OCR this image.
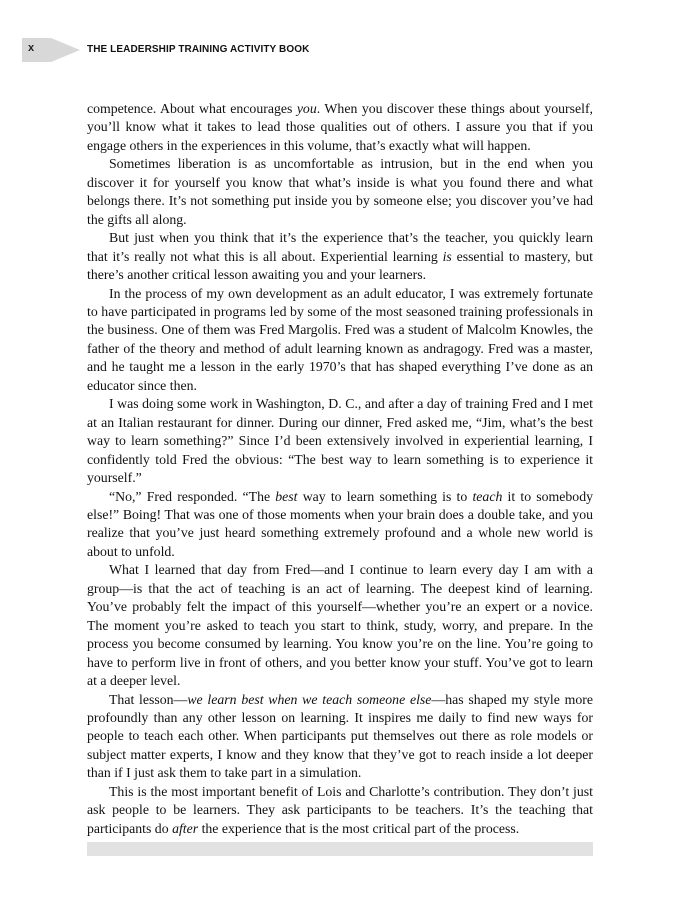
x	THE LEADERSHIP TRAINING ACTIVITY BOOK

competence. About what encourages you. When you discover these things about yourself, you’ll know what it takes to lead those qualities out of others. I assure you that if you engage others in the experiences in this volume, that’s exactly what will happen.

Sometimes liberation is as uncomfortable as intrusion, but in the end when you discover it for yourself you know that what’s inside is what you found there and what belongs there. It’s not something put inside you by someone else; you discover you’ve had the gifts all along.

But just when you think that it’s the experience that’s the teacher, you quickly learn that it’s really not what this is all about. Experiential learning is essential to mastery, but there’s another critical lesson awaiting you and your learners.

In the process of my own development as an adult educator, I was extremely fortunate to have participated in programs led by some of the most seasoned training professionals in the business. One of them was Fred Margolis. Fred was a student of Malcolm Knowles, the father of the theory and method of adult learning known as andragogy. Fred was a master, and he taught me a lesson in the early 1970’s that has shaped everything I’ve done as an educator since then.

I was doing some work in Washington, D. C., and after a day of training Fred and I met at an Italian restaurant for dinner. During our dinner, Fred asked me, “Jim, what’s the best way to learn something?” Since I’d been extensively involved in experiential learning, I confidently told Fred the obvious: “The best way to learn something is to experience it yourself.”

“No,” Fred responded. “The best way to learn something is to teach it to somebody else!” Boing! That was one of those moments when your brain does a double take, and you realize that you’ve just heard something extremely profound and a whole new world is about to unfold.

What I learned that day from Fred—and I continue to learn every day I am with a group—is that the act of teaching is an act of learning. The deepest kind of learning. You’ve probably felt the impact of this yourself—whether you’re an expert or a novice. The moment you’re asked to teach you start to think, study, worry, and prepare. In the process you become consumed by learning. You know you’re on the line. You’re going to have to perform live in front of others, and you better know your stuff. You’ve got to learn at a deeper level.

That lesson—we learn best when we teach someone else—has shaped my style more profoundly than any other lesson on learning. It inspires me daily to find new ways for people to teach each other. When participants put themselves out there as role models or subject matter experts, I know and they know that they’ve got to reach inside a lot deeper than if I just ask them to take part in a simulation.

This is the most important benefit of Lois and Charlotte’s contribution. They don’t just ask people to be learners. They ask participants to be teachers. It’s the teaching that participants do after the experience that is the most critical part of the process.
